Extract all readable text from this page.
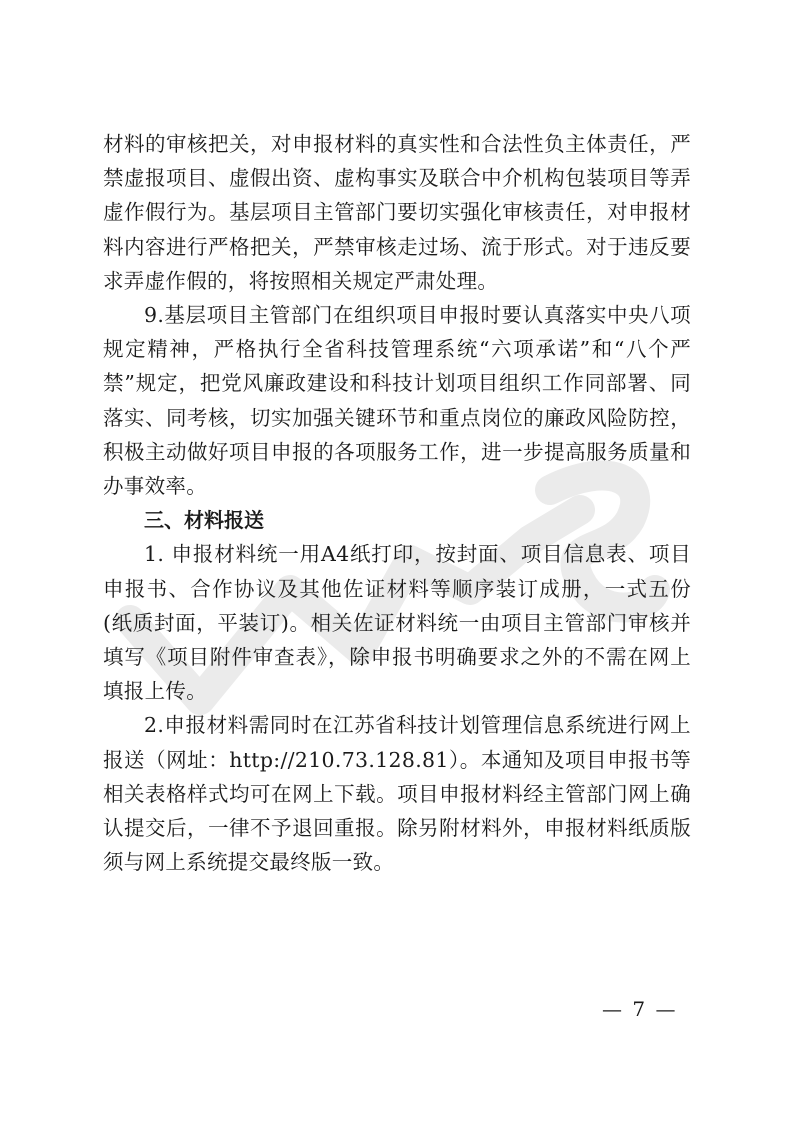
材料的审核把关，对申报材料的真实性和合法性负主体责任，严禁虚报项目、虚假出资、虚构事实及联合中介机构包装项目等弄虚作假行为。基层项目主管部门要切实强化审核责任，对申报材料内容进行严格把关，严禁审核走过场、流于形式。对于违反要求弄虚作假的，将按照相关规定严肃处理。

9.基层项目主管部门在组织项目申报时要认真落实中央八项规定精神，严格执行全省科技管理系统“六项承诺”和“八个严禁”规定，把党风廉政建设和科技计划项目组织工作同部署、同落实、同考核，切实加强关键环节和重点岗位的廉政风险防控，积极主动做好项目申报的各项服务工作，进一步提高服务质量和办事效率。

三、材料报送

1. 申报材料统一用A4纸打印，按封面、项目信息表、项目申报书、合作协议及其他佐证材料等顺序装订成册，一式五份(纸质封面，平装订)。相关佐证材料统一由项目主管部门审核并填写《项目附件审查表》，除申报书明确要求之外的不需在网上填报上传。

2.申报材料需同时在江苏省科技计划管理信息系统进行网上报送（网址：http://210.73.128.81）。本通知及项目申报书等相关表格样式均可在网上下载。项目申报材料经主管部门网上确认提交后，一律不予退回重报。除另附材料外，申报材料纸质版须与网上系统提交最终版一致。

— 7 —
